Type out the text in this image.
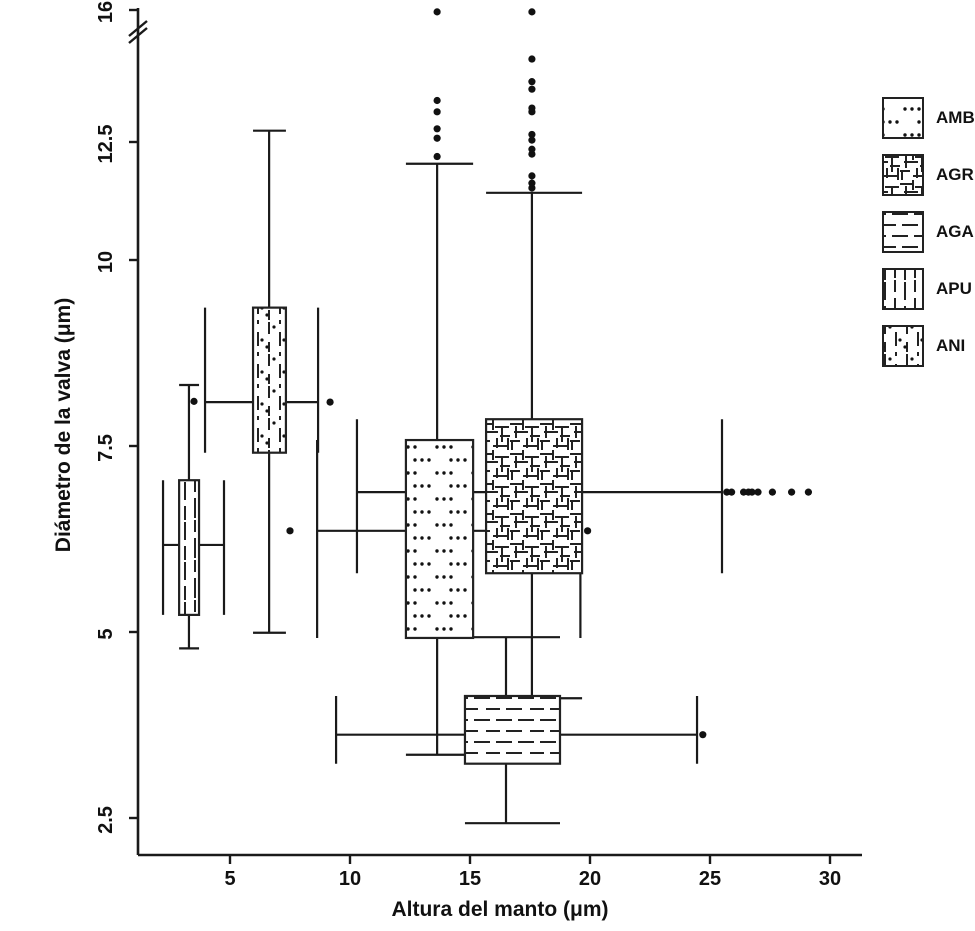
2.5
5
7.5
10
12.5
16
5	10	15	20	25	30
Altura del manto (μm)
Diámetro de la valva (μm)
AMB
AGR
AGA
APU
ANI
